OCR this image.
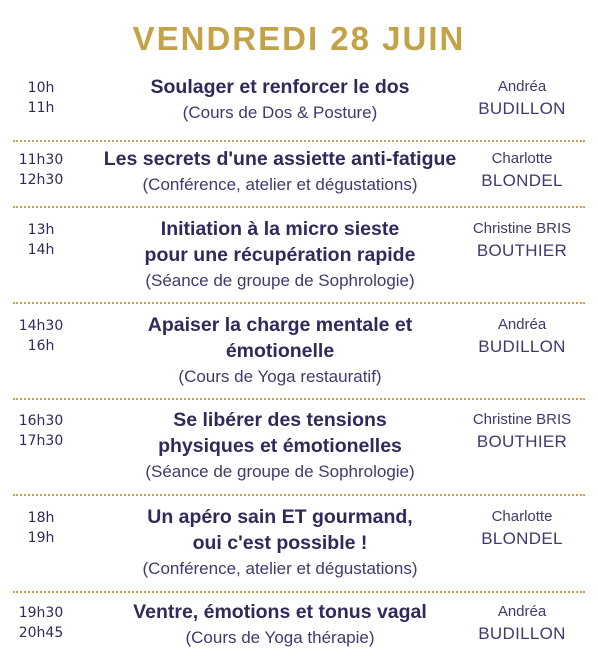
VENDREDI 28 JUIN
10h
11h
Soulager et renforcer le dos
(Cours de Dos & Posture)
Andréa
BUDILLON
11h30
12h30
Les secrets d'une assiette anti-fatigue
(Conférence, atelier et dégustations)
Charlotte
BLONDEL
13h
14h
Initiation à la micro sieste
pour une récupération rapide
(Séance de groupe de Sophrologie)
Christine BRIS
BOUTHIER
14h30
16h
Apaiser la charge mentale et
émotionelle
(Cours de Yoga restauratif)
Andréa
BUDILLON
16h30
17h30
Se libérer des tensions
physiques et émotionelles
(Séance de groupe de Sophrologie)
Christine BRIS
BOUTHIER
18h
19h
Un apéro sain ET gourmand,
oui c'est possible !
(Conférence, atelier et dégustations)
Charlotte
BLONDEL
19h30
20h45
Ventre, émotions et tonus vagal
(Cours de Yoga thérapie)
Andréa
BUDILLON
